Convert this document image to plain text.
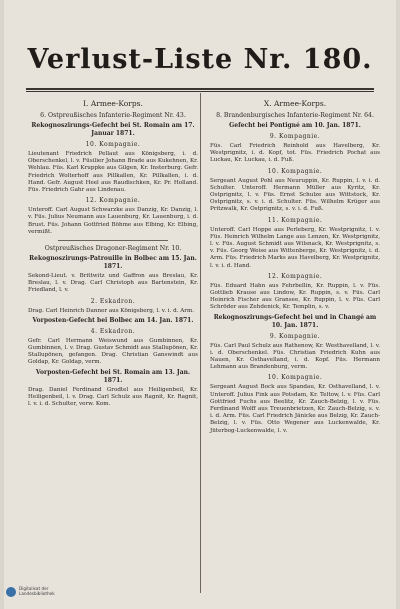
Verlust-Liste Nr. 180.
I. Armee-Korps.
6. Ostpreußisches Infanterie-Regiment Nr. 43.
Rekognoszirungs-Gefecht bei St. Romain am 17. Januar 1871.
10. Kompagnie.

Lieutenant Friedrich Pellaut aus Königsberg, i. d. Oberschenkel, l. v. Füsilier Johann Brade aus Kukehnen, Kr. Wehlau. Füs. Karl Kruppke aus Gilgen, Kr. Insterburg. Gefr. Friedrich Wolterhoff aus Pillkallen, Kr. Pillkallen, i. d. Hand. Gefr. August Heel aus Raudischken, Kr. Pr. Holland. Füs. Friedrich Gahr aus Lindenau.

12. Kompagnie.

Unteroff. Carl August Schwarzke aus Danzig, Kr. Danzig, l. v. Füs. Julius Neumann aus Lauenburg, Kr. Lauenburg, i. d. Brust. Füs. Johann Gottfried Böhme aus Elbing, Kr. Elbing, vermißt.

Ostpreußisches Dragoner-Regiment Nr. 10.
Rekognoszirungs-Patrouille in Bolbec am 15. Jan. 1871.

Sekond-Lieut. v. Brittwitz und Gaffron aus Breslau, Kr. Breslau, l. v. Drag. Carl Christoph aus Bartenstein, Kr. Friedland, l. v.

2. Eskadron.

Drag. Carl Heinrich Danner aus Königsberg, l. v. i. d. Arm.

Vorposten-Gefecht bei Bolbec am 14. Jan. 1871.
4. Eskadron.

Gefr. Carl Hermann Weiswund aus Gumbinnen, Kr. Gumbinnen, l. v. Drag. Gustav Schmidt aus Stallupönen, Kr. Stallupönen, gefangen. Drag. Christian Ganswindt aus Goldap, Kr. Goldap, verm.

Vorposten-Gefecht bei St. Romain am 13. Jan. 1871.

Drag. Daniel Ferdinand Grodtel aus Heiligenbeil, Kr. Heiligenbeil, l. v. Drag. Carl Schulz aus Ragnit, Kr. Ragnit, l. v. i. d. Schulter, verw. Kom.

X. Armee-Korps.
8. Brandenburgisches Infanterie-Regiment Nr. 64.
Gefecht bei Pontigné am 10. Jan. 1871.
9. Kompagnie.

Füs. Carl Friedrich Reinhold aus Havelberg, Kr. Westprignitz, i. d. Kopf, tot. Füs. Friedrich Pochat aus Luckau, Kr. Luckau, i. d. Fuß.

10. Kompagnie.

Sergeant August Pohl aus Neuruppin, Kr. Ruppin, l. v. i. d. Schulter. Unteroff. Hermann Müller aus Kyritz, Kr. Ostprignitz, l. v. Füs. Ernst Schulze aus Wittstock, Kr. Ostprignitz, s. v. i. d. Schulter. Füs. Wilhelm Krüger aus Pritzwalk, Kr. Ostprignitz, s. v. i. d. Fuß.

11. Kompagnie.

Unteroff. Carl Hoppe aus Perleberg, Kr. Westprignitz, l. v. Füs. Heinrich Wilhelm Lange aus Lenzen, Kr. Westprignitz, l. v. Füs. August Schmidt aus Wilsnack, Kr. Westprignitz, s. v. Füs. Georg Weise aus Wittenberge, Kr. Westprignitz, i. d. Arm. Füs. Friedrich Marks aus Havelberg, Kr. Westprignitz, l. v. i. d. Hand.

12. Kompagnie.

Füs. Eduard Hahn aus Fehrbellin, Kr. Ruppin, l. v. Füs. Gottlieb Krause aus Lindow, Kr. Ruppin, s. v. Füs. Carl Heinrich Fischer aus Gransee, Kr. Ruppin, l. v. Füs. Carl Schröder aus Zehdenick, Kr. Templin, s. v.

Rekognoszirungs-Gefecht bei und in Changé am 10. Jan. 1871.
9. Kompagnie.

Füs. Carl Paul Schulz aus Rathenow, Kr. Westhavelland, l. v. i. d. Oberschenkel. Füs. Christian Friedrich Kuhn aus Nauen, Kr. Osthavelland, i. d. Kopf. Füs. Hermann Lehmann aus Brandenburg, verm.

10. Kompagnie.

Sergeant August Bock aus Spandau, Kr. Osthavelland, l. v. Unteroff. Julius Fink aus Potsdam, Kr. Teltow, l. v. Füs. Carl Gottfried Fuchs aus Beelitz, Kr. Zauch-Belzig, l. v. Füs. Ferdinand Wolff aus Treuenbrietzen, Kr. Zauch-Belzig, s. v. i. d. Arm. Füs. Carl Friedrich Jänicke aus Belzig, Kr. Zauch-Belzig, l. v. Füs. Otto Wegener aus Luckenwalde, Kr. Jüterbog-Luckenwalde, l. v.

Digitalisat der
Landesbibliothek
